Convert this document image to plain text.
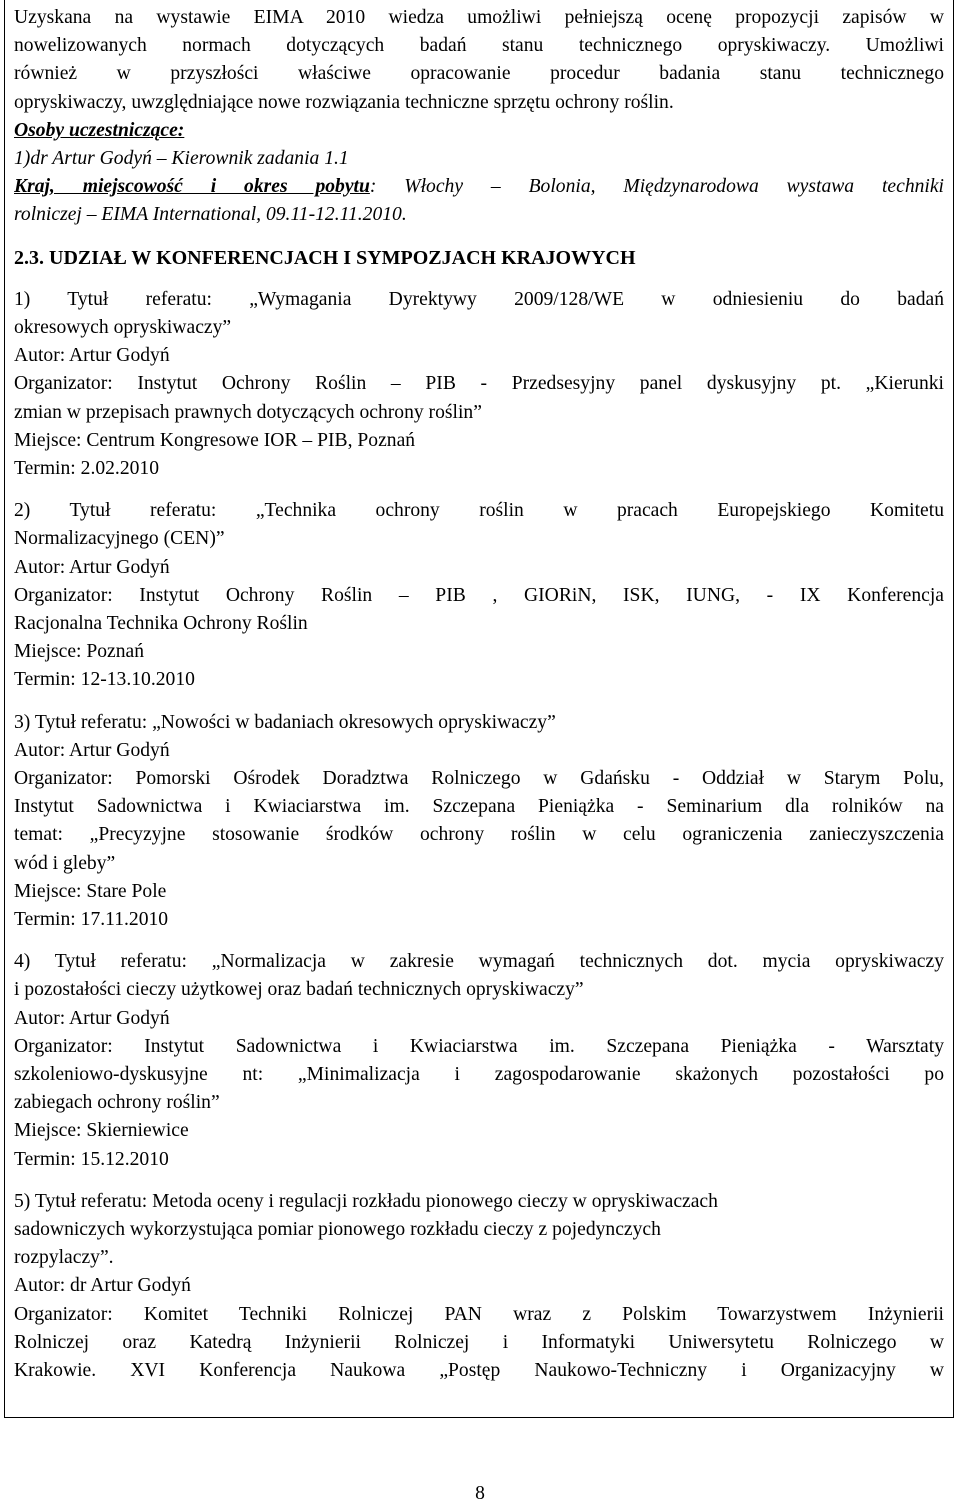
Uzyskana na wystawie EIMA 2010 wiedza umożliwi pełniejszą ocenę propozycji zapisów w

nowelizowanych normach dotyczących badań stanu technicznego opryskiwaczy. Umożliwi

również w przyszłości właściwe opracowanie procedur badania stanu technicznego

opryskiwaczy, uwzględniające nowe rozwiązania techniczne sprzętu ochrony roślin.

Osoby uczestniczące:

1)dr Artur Godyń – Kierownik zadania 1.1

Kraj, miejscowość i okres pobytu: Włochy – Bolonia, Międzynarodowa wystawa techniki

rolniczej – EIMA International, 09.11-12.11.2010.

2.3. UDZIAŁ W KONFERENCJACH I SYMPOZJACH KRAJOWYCH

1) Tytuł referatu: „Wymagania Dyrektywy 2009/128/WE w odniesieniu do badań

okresowych opryskiwaczy”

Autor: Artur Godyń

Organizator: Instytut Ochrony Roślin – PIB - Przedsesyjny panel dyskusyjny pt. „Kierunki

zmian w przepisach prawnych dotyczących ochrony roślin”

Miejsce: Centrum Kongresowe IOR – PIB, Poznań

Termin: 2.02.2010

2) Tytuł referatu: „Technika ochrony roślin w pracach Europejskiego Komitetu

Normalizacyjnego (CEN)”

Autor: Artur Godyń

Organizator: Instytut Ochrony Roślin – PIB , GIORiN, ISK, IUNG, - IX Konferencja

Racjonalna Technika Ochrony Roślin

Miejsce: Poznań

Termin: 12-13.10.2010

3) Tytuł referatu: „Nowości w badaniach okresowych opryskiwaczy”

Autor: Artur Godyń

Organizator: Pomorski Ośrodek Doradztwa Rolniczego w Gdańsku - Oddział w Starym Polu,

Instytut Sadownictwa i Kwiaciarstwa im. Szczepana Pieniążka - Seminarium dla rolników na

temat: „Precyzyjne stosowanie środków ochrony roślin w celu ograniczenia zanieczyszczenia

wód i gleby”

Miejsce: Stare Pole

Termin: 17.11.2010

4) Tytuł referatu: „Normalizacja w zakresie wymagań technicznych dot. mycia opryskiwaczy

i pozostałości cieczy użytkowej oraz badań technicznych opryskiwaczy”

Autor: Artur Godyń

Organizator: Instytut Sadownictwa i Kwiaciarstwa im. Szczepana Pieniążka - Warsztaty

szkoleniowo-dyskusyjne nt: „Minimalizacja i zagospodarowanie skażonych pozostałości po

zabiegach ochrony roślin”

Miejsce: Skierniewice

Termin: 15.12.2010

5) Tytuł referatu: Metoda oceny i regulacji rozkładu pionowego cieczy w opryskiwaczach

sadowniczych wykorzystująca pomiar pionowego rozkładu cieczy z pojedynczych

rozpylaczy”.

Autor: dr Artur Godyń

Organizator: Komitet Techniki Rolniczej PAN wraz z Polskim Towarzystwem Inżynierii

Rolniczej oraz Katedrą Inżynierii Rolniczej i Informatyki Uniwersytetu Rolniczego w

Krakowie. XVI Konferencja Naukowa „Postęp Naukowo-Techniczny i Organizacyjny w

8
